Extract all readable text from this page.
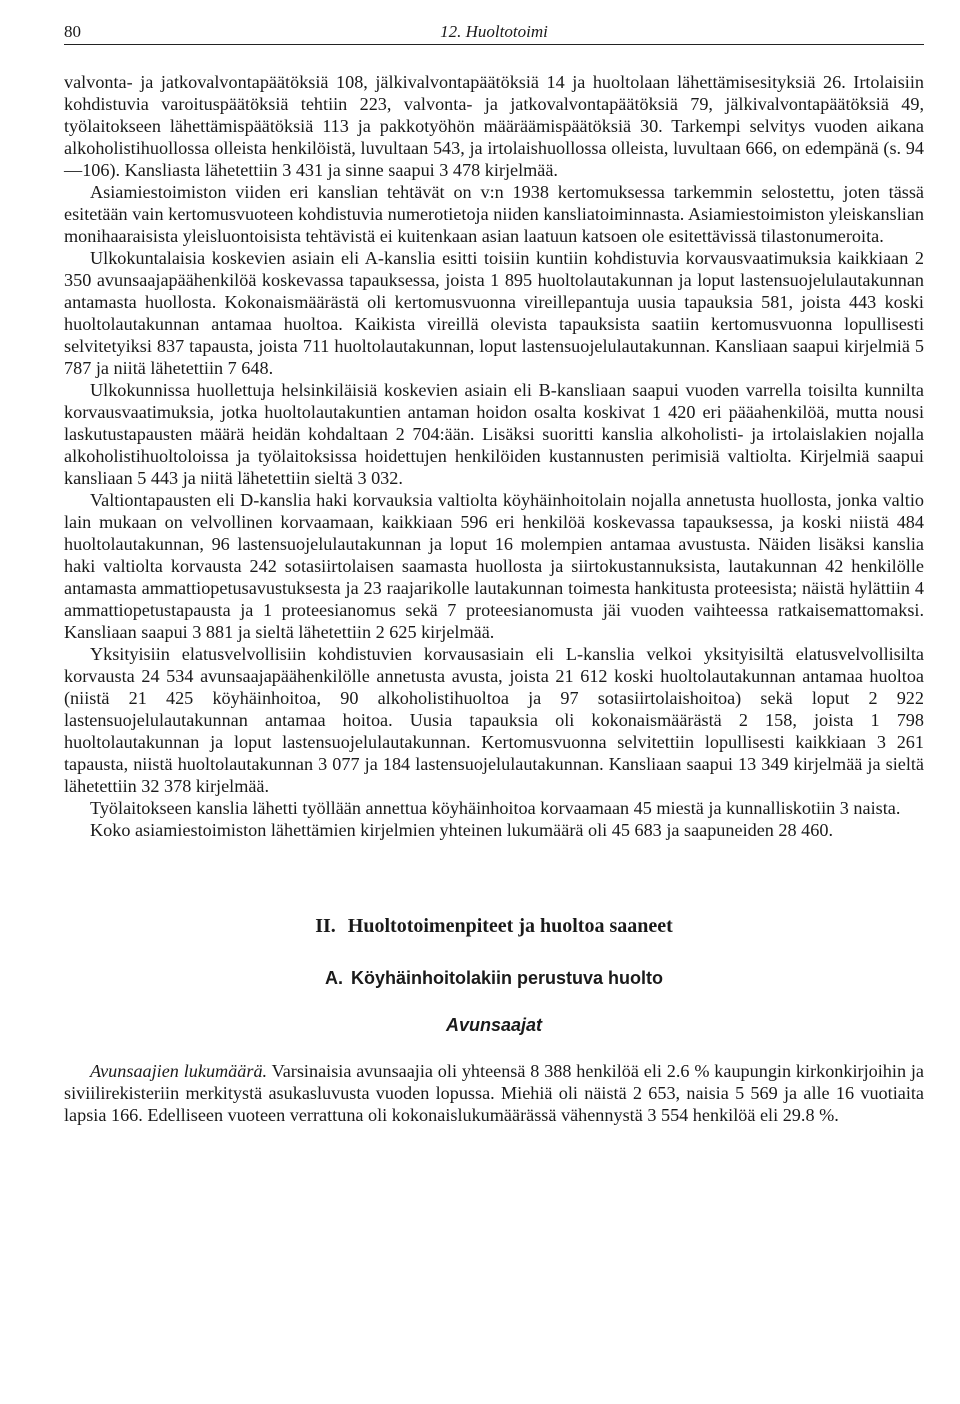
80	12. Huoltotoimi

valvonta- ja jatkovalvontapäätöksiä 108, jälkivalvontapäätöksiä 14 ja huoltolaan lähettämisesityksiä 26. Irtolaisiin kohdistuvia varoituspäätöksiä tehtiin 223, valvonta- ja jatkovalvontapäätöksiä 79, jälkivalvontapäätöksiä 49, työlaitokseen lähettämispäätöksiä 113 ja pakkotyöhön määräämispäätöksiä 30. Tarkempi selvitys vuoden aikana alkoholistihuollossa olleista henkilöistä, luvultaan 543, ja irtolaishuollossa olleista, luvultaan 666, on edempänä (s. 94—106). Kansliasta lähetettiin 3 431 ja sinne saapui 3 478 kirjelmää.

Asiamiestoimiston viiden eri kanslian tehtävät on v:n 1938 kertomuksessa tarkemmin selostettu, joten tässä esitetään vain kertomusvuoteen kohdistuvia numerotietoja niiden kansliatoiminnasta. Asiamiestoimiston yleiskanslian monihaaraisista yleisluontoisista tehtävistä ei kuitenkaan asian laatuun katsoen ole esitettävissä tilastonumeroita.

Ulkokuntalaisia koskevien asiain eli A-kanslia esitti toisiin kuntiin kohdistuvia korvausvaatimuksia kaikkiaan 2 350 avunsaajapäähenkilöä koskevassa tapauksessa, joista 1 895 huoltolautakunnan ja loput lastensuojelulautakunnan antamasta huollosta. Kokonaismäärästä oli kertomusvuonna vireillepantuja uusia tapauksia 581, joista 443 koski huoltolautakunnan antamaa huoltoa. Kaikista vireillä olevista tapauksista saatiin kertomusvuonna lopullisesti selvitetyiksi 837 tapausta, joista 711 huoltolautakunnan, loput lastensuojelulautakunnan. Kansliaan saapui kirjelmiä 5 787 ja niitä lähetettiin 7 648.

Ulkokunnissa huollettuja helsinkiläisiä koskevien asiain eli B-kansliaan saapui vuoden varrella toisilta kunnilta korvausvaatimuksia, jotka huoltolautakuntien antaman hoidon osalta koskivat 1 420 eri pääahenkilöä, mutta nousi laskutustapausten määrä heidän kohdaltaan 2 704:ään. Lisäksi suoritti kanslia alkoholisti- ja irtolaislakien nojalla alkoholistihuoltoloissa ja työlaitoksissa hoidettujen henkilöiden kustannusten perimisiä valtiolta. Kirjelmiä saapui kansliaan 5 443 ja niitä lähetettiin sieltä 3 032.

Valtiontapausten eli D-kanslia haki korvauksia valtiolta köyhäinhoitolain nojalla annetusta huollosta, jonka valtio lain mukaan on velvollinen korvaamaan, kaikkiaan 596 eri henkilöä koskevassa tapauksessa, ja koski niistä 484 huoltolautakunnan, 96 lastensuojelulautakunnan ja loput 16 molempien antamaa avustusta. Näiden lisäksi kanslia haki valtiolta korvausta 242 sotasiirtolaisen saamasta huollosta ja siirtokustannuksista, lautakunnan 42 henkilölle antamasta ammattiopetusavustuksesta ja 23 raajarikolle lautakunnan toimesta hankitusta proteesista; näistä hylättiin 4 ammattiopetustapausta ja 1 proteesianomus sekä 7 proteesianomusta jäi vuoden vaihteessa ratkaisemattomaksi. Kansliaan saapui 3 881 ja sieltä lähetettiin 2 625 kirjelmää.

Yksityisiin elatusvelvollisiin kohdistuvien korvausasiain eli L-kanslia velkoi yksityisiltä elatusvelvollisilta korvausta 24 534 avunsaajapäähenkilölle annetusta avusta, joista 21 612 koski huoltolautakunnan antamaa huoltoa (niistä 21 425 köyhäinhoitoa, 90 alkoholistihuoltoa ja 97 sotasiirtolaishoitoa) sekä loput 2 922 lastensuojelulautakunnan antamaa hoitoa. Uusia tapauksia oli kokonaismäärästä 2 158, joista 1 798 huoltolautakunnan ja loput lastensuojelulautakunnan. Kertomusvuonna selvitettiin lopullisesti kaikkiaan 3 261 tapausta, niistä huoltolautakunnan 3 077 ja 184 lastensuojelulautakunnan. Kansliaan saapui 13 349 kirjelmää ja sieltä lähetettiin 32 378 kirjelmää.

Työlaitokseen kanslia lähetti työllään annettua köyhäinhoitoa korvaamaan 45 miestä ja kunnalliskotiin 3 naista.

Koko asiamiestoimiston lähettämien kirjelmien yhteinen lukumäärä oli 45 683 ja saapuneiden 28 460.

II. Huoltotoimenpiteet ja huoltoa saaneet
A. Köyhäinhoitolakiin perustuva huolto
Avunsaajat

Avunsaajien lukumäärä. Varsinaisia avunsaajia oli yhteensä 8 388 henkilöä eli 2.6 % kaupungin kirkonkirjoihin ja siviilirekisteriin merkitystä asukasluvusta vuoden lopussa. Miehiä oli näistä 2 653, naisia 5 569 ja alle 16 vuotiaita lapsia 166. Edelliseen vuoteen verrattuna oli kokonaislukumäärässä vähennystä 3 554 henkilöä eli 29.8 %.
